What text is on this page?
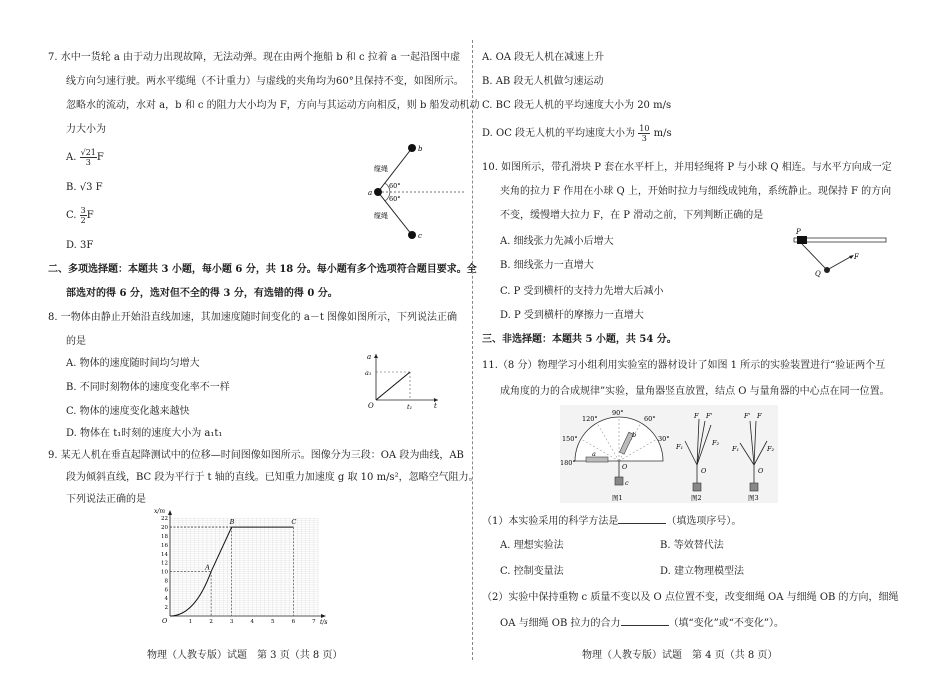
7. 水中一货轮 a 由于动力出现故障，无法动弹。现在由两个拖船 b 和 c 拉着 a 一起沿图中虚
线方向匀速行驶。两水平缆绳（不计重力）与虚线的夹角均为60°且保持不变，如图所示。
忽略水的流动，水对 a，b 和 c 的阻力大小均为 F，方向与其运动方向相反，则 b 船发动机动
力大小为
A. $\frac{√21}{3}$ F
B. √3 F
C. $\frac{3}{2}$ F
D. 3F
b
a
c
缆绳
缆绳
60°
60°
二、多项选择题：本题共 3 小题，每小题 6 分，共 18 分。每小题有多个选项符合题目要求。全
部选对的得 6 分，选对但不全的得 3 分，有选错的得 0 分。
8. 一物体由静止开始沿直线加速，其加速度随时间变化的 a－t 图像如图所示，下列说法正确
的是
A. 物体的速度随时间均匀增大
B. 不同时刻物体的速度变化率不一样
C. 物体的速度变化越来越快
D. 物体在 t₁时刻的速度大小为 a₁t₁
a
a₁
O	t
t₁
9. 某无人机在垂直起降测试中的位移—时间图像如图所示。图像分为三段：OA 段为曲线，AB
段为倾斜直线，BC 段为平行于 t 轴的直线。已知重力加速度 g 取 10 m/s²，忽略空气阻力。
下列说法正确的是
2
4
6
8
10
12
14
16
18
20
22
1	2	3	4	5	6	7
x/m
t/s
A
B	C
O
物理（人教专版）试题　第 3 页（共 8 页）
A. OA 段无人机在减速上升
B. AB 段无人机做匀速运动
C. BC 段无人机的平均速度大小为 20 m/s
D. OC 段无人机的平均速度大小为 $\frac{10}{3} m/s$
10. 如图所示，带孔滑块 P 套在水平杆上，并用轻绳将 P 与小球 Q 相连。与水平方向成一定
夹角的拉力 F 作用在小球 Q 上，开始时拉力与细线成钝角，系统静止。现保持 F 的方向
不变，缓慢增大拉力 F，在 P 滑动之前，下列判断正确的是
A. 细线张力先减小后增大
B. 细线张力一直增大
C. P 受到横杆的支持力先增大后减小
D. P 受到横杆的摩擦力一直增大
P
Q
F
三、非选择题：本题共 5 小题，共 54 分。
11.（8 分）物理学习小组利用实验室的器材设计了如图 1 所示的实验装置进行“验证两个互
成角度的力的合成规律”实验，量角器竖直放置，结点 O 与量角器的中心点在同一位置。
90°
60°
120°
150°	30°
180°
a
b
O
c
F F'
F₁	F₂
O
F' F
F₁	F₂
O
图1	图2	图3
（1）本实验采用的科学方法是	（填选项序号）。
A. 理想实验法	B. 等效替代法
C. 控制变量法	D. 建立物理模型法
（2）实验中保持重物 c 质量不变以及 O 点位置不变，改变细绳 OA 与细绳 OB 的方向，细绳
OA 与细绳 OB 拉力的合力	（填“变化”或“不变化”）。
物理（人教专版）试题　第 4 页（共 8 页）
